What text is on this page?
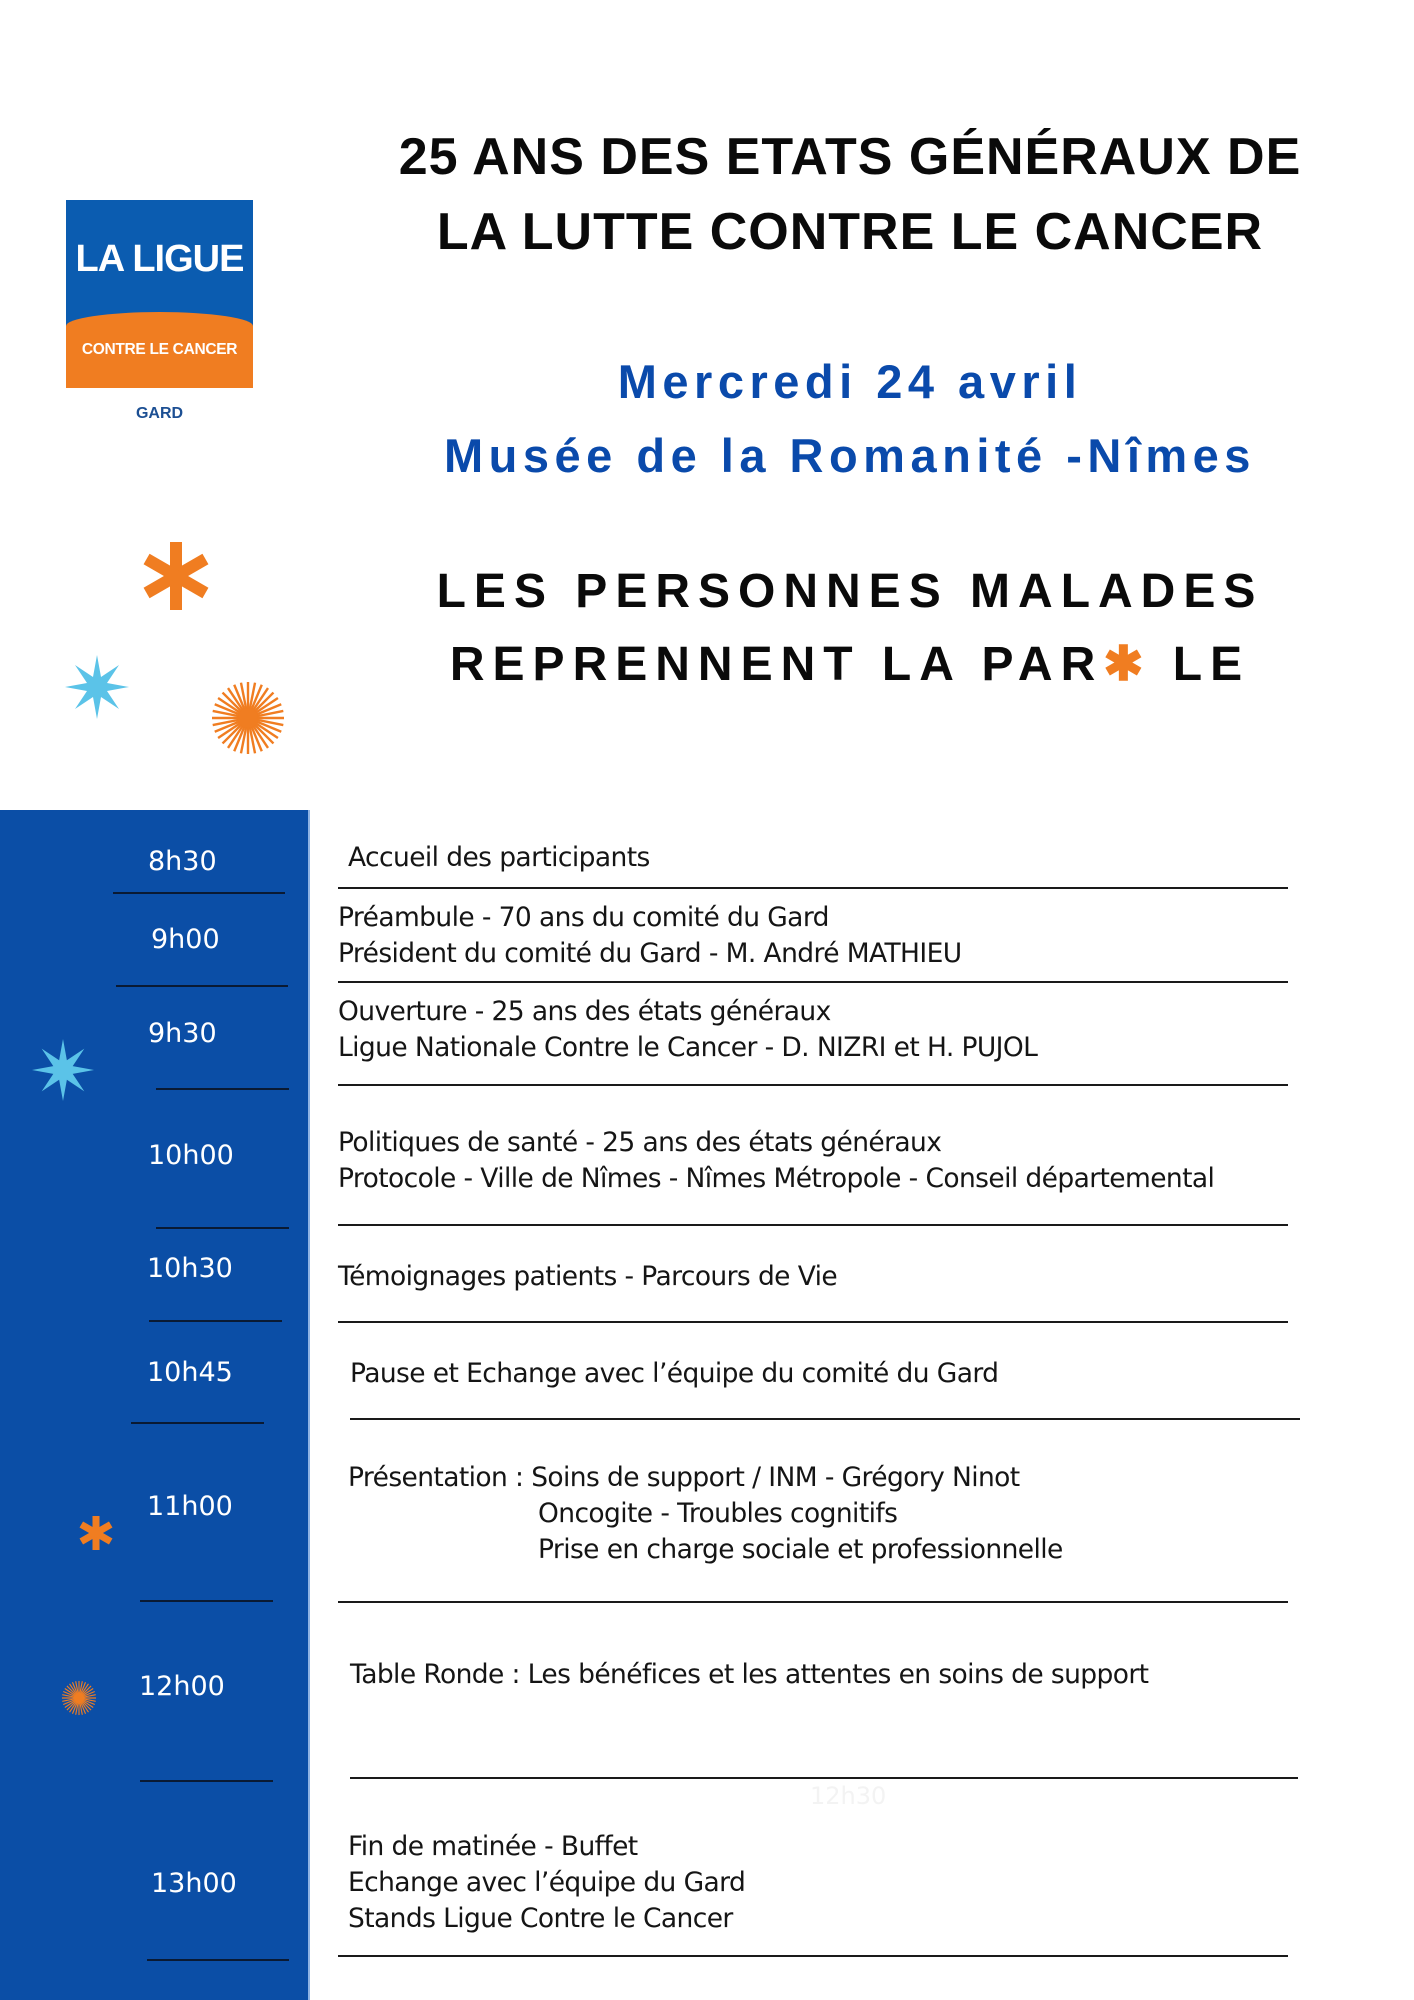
LA LIGUE
CONTRE LE CANCER
GARD
25 ANS DES ETATS GÉNÉRAUX DE
LA LUTTE CONTRE LE CANCER
Mercredi 24 avril
Musée de la Romanité -Nîmes
LES PERSONNES MALADES
REPRENNENT LA PAR✱ LE
8h30
9h00
9h30
10h00
10h30
10h45
11h00
12h00
13h00
Accueil des participants
Préambule - 70 ans du comité du Gard
Président du comité du Gard - M. André MATHIEU
Ouverture - 25 ans des états généraux
Ligue Nationale Contre le Cancer - D. NIZRI et H. PUJOL
Politiques de santé - 25 ans des états généraux
Protocole - Ville de Nîmes - Nîmes Métropole - Conseil départemental
Témoignages patients - Parcours de Vie
Pause et Echange avec l’équipe du comité du Gard
Présentation : Soins de support / INM - Grégory Ninot
Oncogite - Troubles cognitifs
Prise en charge sociale et professionnelle
Table Ronde : Les bénéfices et les attentes en soins de support
12h30
Fin de matinée - Buffet
Echange avec l’équipe du Gard
Stands Ligue Contre le Cancer
